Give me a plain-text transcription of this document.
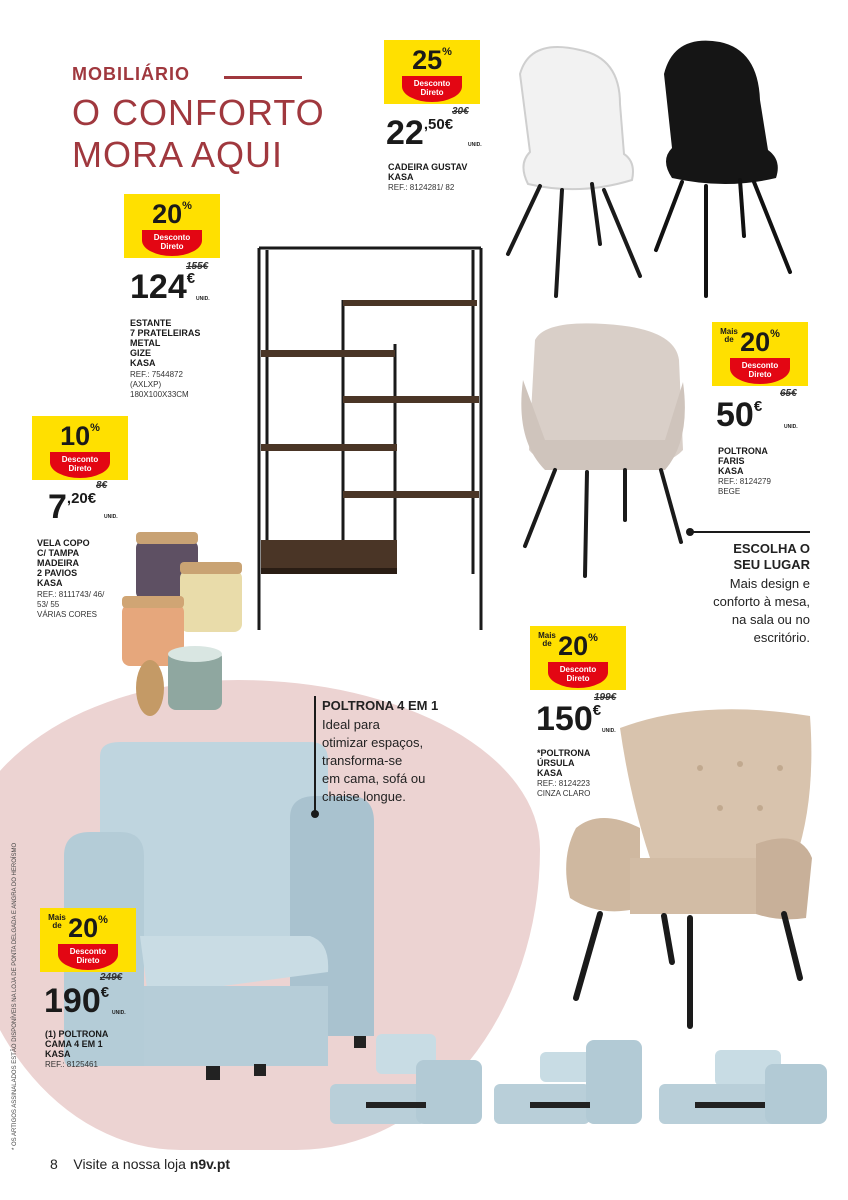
MOBILIÁRIO
O CONFORTO
MORA AQUI
25%
Desconto Direto
30€
$22^{,50€}$
UNID.
CADEIRA GUSTAV
KASA
REF.: 8124281/ 82
20%
Desconto Direto
155€
124€
UNID.
ESTANTE
7 PRATELEIRAS
METAL
GIZE
KASA
REF.: 7544872
(AXLXP)
180X100X33CM
10%
Desconto Direto
8€
$7^{,20€}$
UNID.
VELA COPO
C/ TAMPA
MADEIRA
2 PAVIOS
KASA
REF.: 8111743/ 46/
53/ 55
VÁRIAS CORES
Mais de 20%
Desconto Direto
65€
50€
UNID.
POLTRONA
FARIS
KASA
REF.: 8124279
BEGE
ESCOLHA O
SEU LUGAR
Mais design e
conforto à mesa,
na sala ou no
escritório.
Mais de 20%
Desconto Direto
199€
150€
UNID.
*POLTRONA
ÚRSULA
KASA
REF.: 8124223
CINZA CLARO
POLTRONA 4 EM 1
Ideal para
otimizar espaços,
transforma-se
em cama, sofá ou
chaise longue.
Mais de 20%
Desconto Direto
249€
190€
UNID.
(1) POLTRONA
CAMA 4 EM 1
KASA
REF.: 8125461
* OS ARTIGOS ASSINALADOS ESTÃO DISPONÍVEIS NA LOJA DE PONTA DELGADA E ANGRA DO HEROÍSMO
8 Visite a nossa loja n9v.pt
